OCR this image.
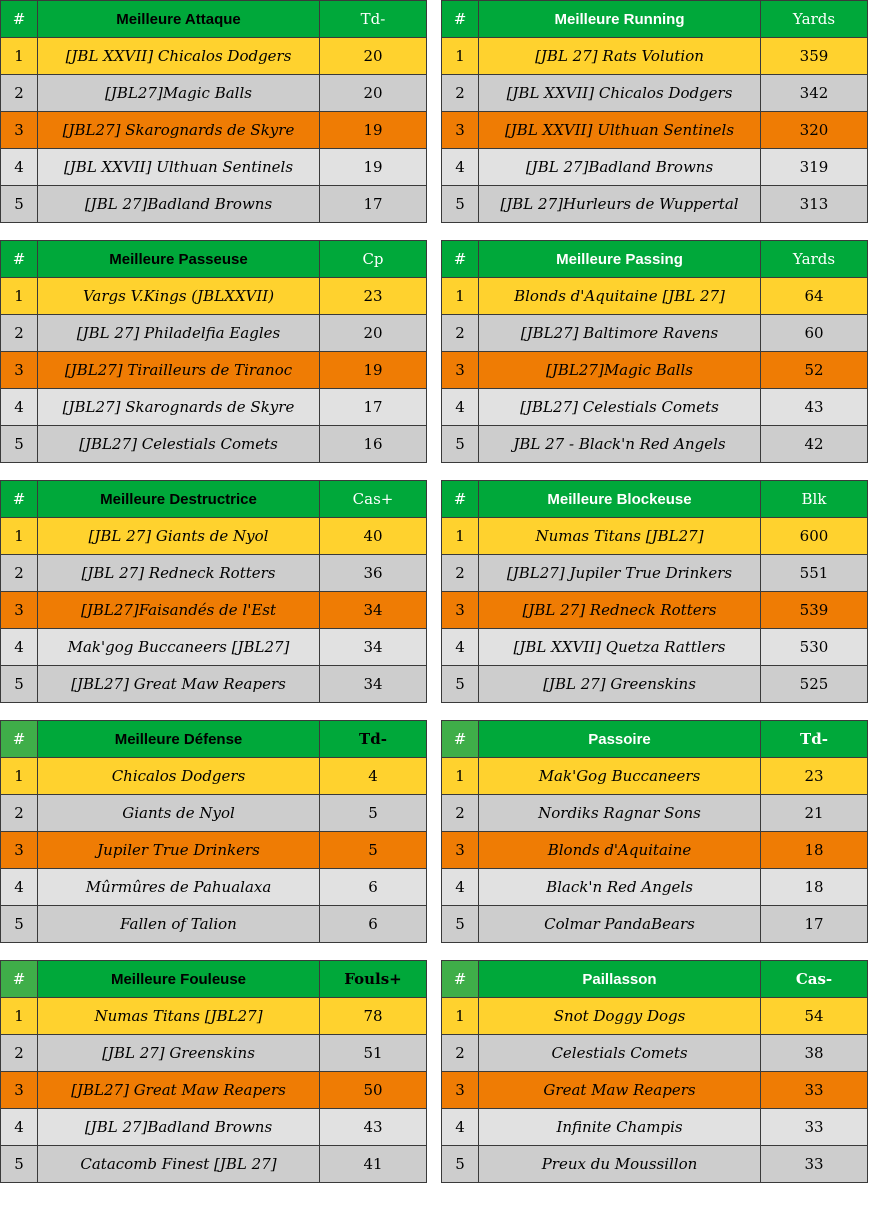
#	Meilleure Attaque	Td-
1	[JBL XXVII] Chicalos Dodgers	20
2	[JBL27]Magic Balls	20
3	[JBL27] Skarognards de Skyre	19
4	[JBL XXVII] Ulthuan Sentinels	19
5	[JBL 27]Badland Browns	17
#	Meilleure Running	Yards
1	[JBL 27] Rats Volution	359
2	[JBL XXVII] Chicalos Dodgers	342
3	[JBL XXVII] Ulthuan Sentinels	320
4	[JBL 27]Badland Browns	319
5	[JBL 27]Hurleurs de Wuppertal	313
#	Meilleure Passeuse	Cp
1	Vargs V.Kings (JBLXXVII)	23
2	[JBL 27] Philadelfia Eagles	20
3	[JBL27] Tirailleurs de Tiranoc	19
4	[JBL27] Skarognards de Skyre	17
5	[JBL27] Celestials Comets	16
#	Meilleure Passing	Yards
1	Blonds d'Aquitaine [JBL 27]	64
2	[JBL27] Baltimore Ravens	60
3	[JBL27]Magic Balls	52
4	[JBL27] Celestials Comets	43
5	JBL 27 - Black'n Red Angels	42
#	Meilleure Destructrice	Cas+
1	[JBL 27] Giants de Nyol	40
2	[JBL 27] Redneck Rotters	36
3	[JBL27]Faisandés de l'Est	34
4	Mak'gog Buccaneers [JBL27]	34
5	[JBL27] Great Maw Reapers	34
#	Meilleure Blockeuse	Blk
1	Numas Titans [JBL27]	600
2	[JBL27] Jupiler True Drinkers	551
3	[JBL 27] Redneck Rotters	539
4	[JBL XXVII] Quetza Rattlers	530
5	[JBL 27] Greenskins	525
#	Meilleure Défense	Td-
1	Chicalos Dodgers	4
2	Giants de Nyol	5
3	Jupiler True Drinkers	5
4	Mûrmûres de Pahualaxa	6
5	Fallen of Talion	6
#	Passoire	Td-
1	Mak'Gog Buccaneers	23
2	Nordiks Ragnar Sons	21
3	Blonds d'Aquitaine	18
4	Black'n Red Angels	18
5	Colmar PandaBears	17
#	Meilleure Fouleuse	Fouls+
1	Numas Titans [JBL27]	78
2	[JBL 27] Greenskins	51
3	[JBL27] Great Maw Reapers	50
4	[JBL 27]Badland Browns	43
5	Catacomb Finest [JBL 27]	41
#	Paillasson	Cas-
1	Snot Doggy Dogs	54
2	Celestials Comets	38
3	Great Maw Reapers	33
4	Infinite Champis	33
5	Preux du Moussillon	33
